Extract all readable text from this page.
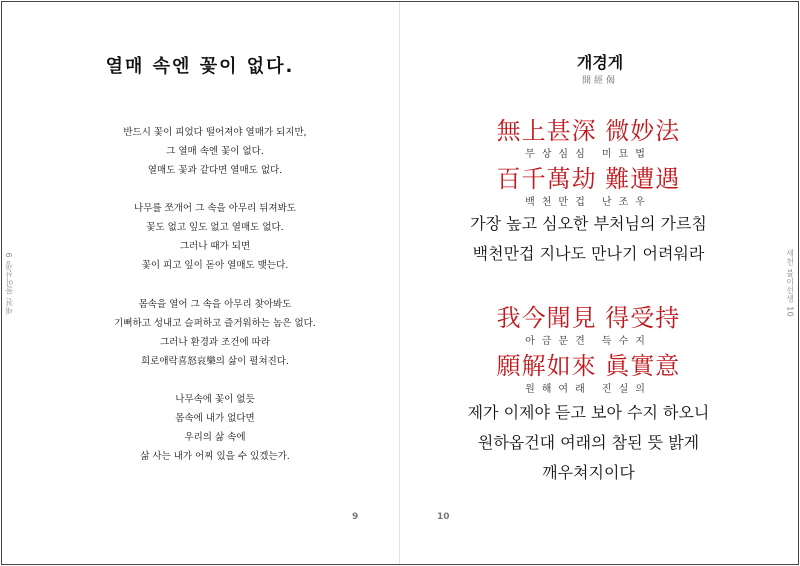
새천 불이선생 9	새천 불이선생 10
열매 속엔 꽃이 없다.
반드시 꽃이 피었다 떨어져야 열매가 되지만,
그 열매 속엔 꽃이 없다.
열매도 꽃과 같다면 열매도 없다.
나무를 쪼개어 그 속을 아무리 뒤져봐도
꽃도 없고 잎도 없고 열매도 없다.
그러나 때가 되면
꽃이 피고 잎이 돋아 열매도 맺는다.
몸속을 열어 그 속을 아무리 찾아봐도
기뻐하고 성내고 슬퍼하고 즐거워하는 놈은 없다.
그러나 환경과 조건에 따라
희로애락喜怒哀樂의 삶이 펼쳐진다.
나무속에 꽃이 없듯
몸속에 내가 없다면
우리의 삶 속에
삶 사는 내가 어찌 있을 수 있겠는가.
9
개경게
開經偈
無上甚深 微妙法
무상심심 미묘법
百千萬劫 難遭遇
백천만겁 난조우
가장 높고 심오한 부처님의 가르침
백천만겁 지나도 만나기 어려워라
我今聞見 得受持
아금문견 득수지
願解如來 眞實意
원해여래 진실의
제가 이제야 듣고 보아 수지 하오니
원하옵건대 여래의 참된 뜻 밝게
깨우쳐지이다
10
